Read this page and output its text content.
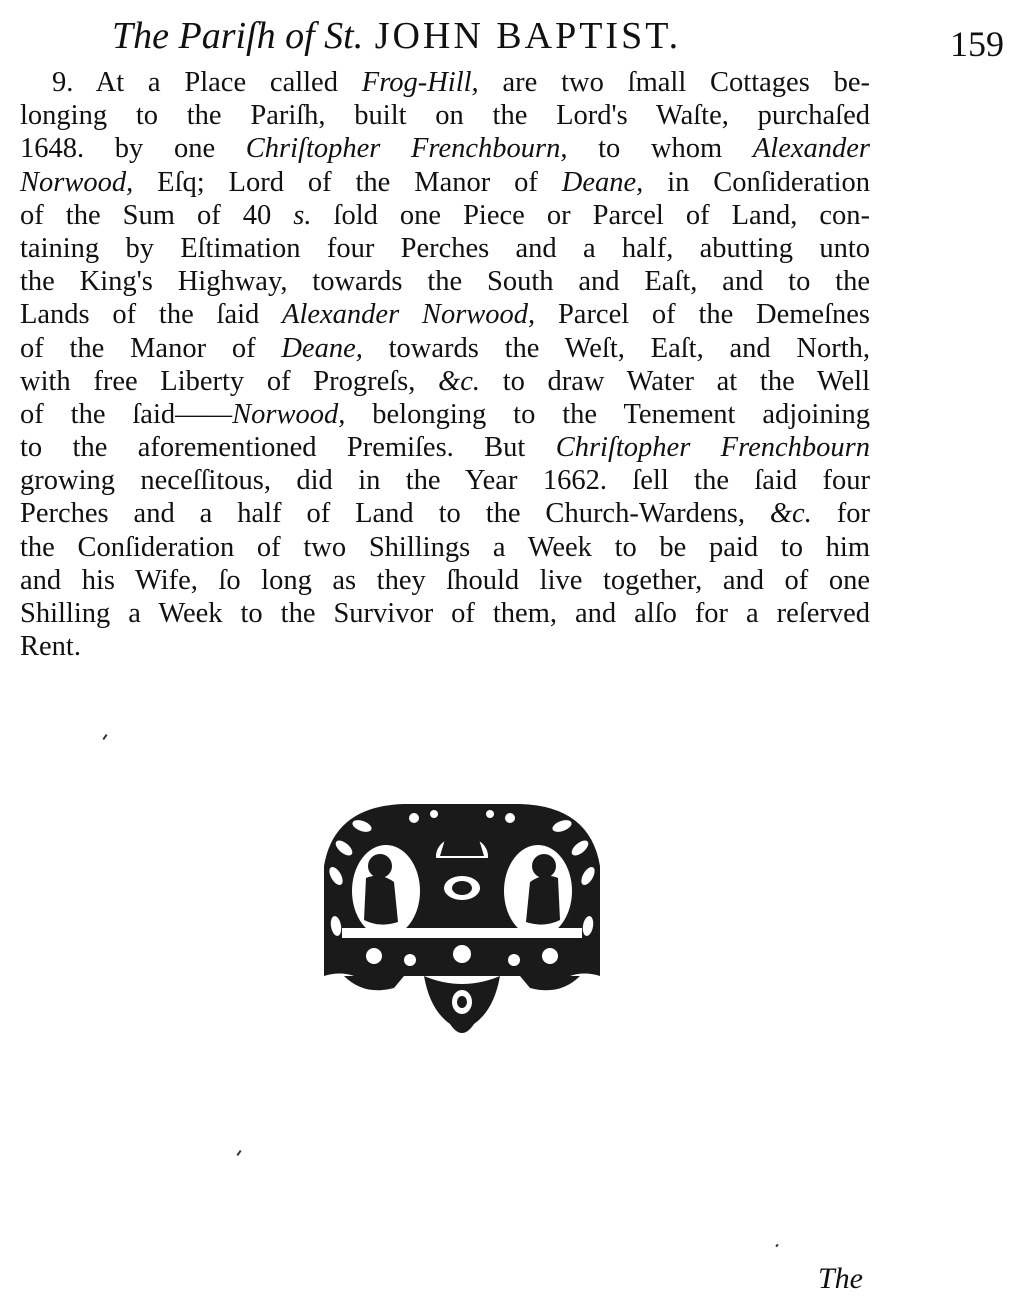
The Pariſh of St. JOHN BAPTIST.	159
9. At a Place called Frog-Hill, are two ſmall Cottages be-
longing to the Pariſh, built on the Lord's Waſte, purchaſed
1648. by one Chriſtopher Frenchbourn, to whom Alexander
Norwood, Eſq; Lord of the Manor of Deane, in Conſideration
of the Sum of 40 s. ſold one Piece or Parcel of Land, con-
taining by Eſtimation four Perches and a half, abutting unto
the King's Highway, towards the South and Eaſt, and to the
Lands of the ſaid Alexander Norwood, Parcel of the Demeſnes
of the Manor of Deane, towards the Weſt, Eaſt, and North,
with free Liberty of Progreſs, &c. to draw Water at the Well
of the ſaid——Norwood, belonging to the Tenement adjoining
to the aforementioned Premiſes. But Chriſtopher Frenchbourn
growing neceſſitous, did in the Year 1662. ſell the ſaid four
Perches and a half of Land to the Church-Wardens, &c. for
the Conſideration of two Shillings a Week to be paid to him
and his Wife, ſo long as they ſhould live together, and of one
Shilling a Week to the Survivor of them, and alſo for a reſerved
Rent.
The
